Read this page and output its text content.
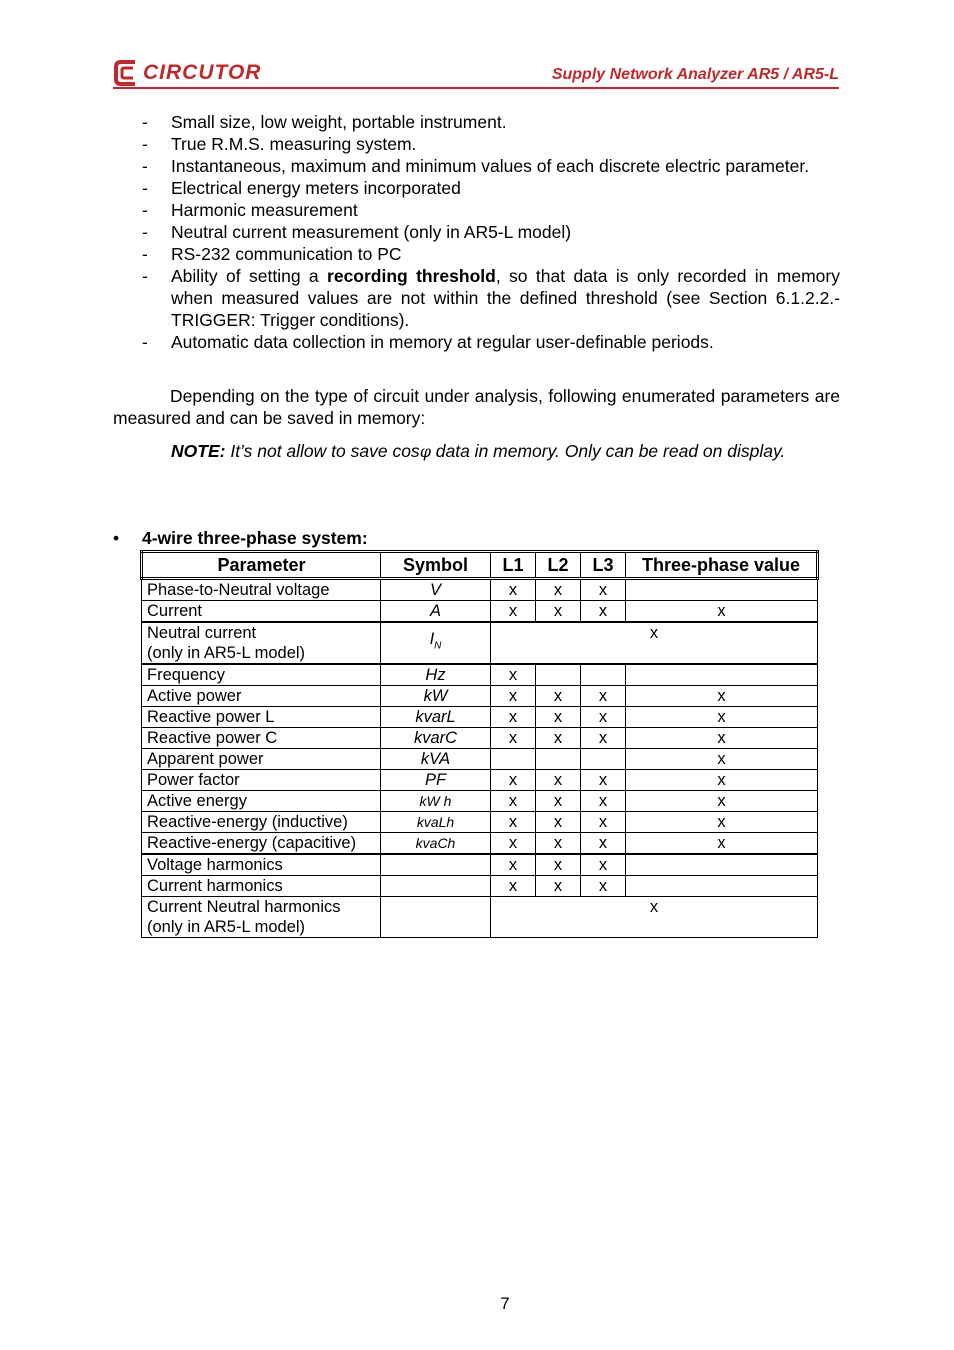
CIRCUTOR	Supply Network Analyzer AR5 / AR5-L
- Small size, low weight, portable instrument.
- True R.M.S. measuring system.
- Instantaneous, maximum and minimum values of each discrete electric parameter.
- Electrical energy meters incorporated
- Harmonic measurement
- Neutral current measurement (only in AR5-L model)
- RS-232 communication to PC
- Ability of setting a recording threshold, so that data is only recorded in memory when measured values are not within the defined threshold (see Section 6.1.2.2.-TRIGGER: Trigger conditions).
- Automatic data collection in memory at regular user-definable periods.
Depending on the type of circuit under analysis, following enumerated parameters are measured and can be saved in memory:
NOTE: It’s not allow to save cosφ data in memory. Only can be read on display.
• 4-wire three-phase system:
Parameter	Symbol	L1	L2	L3	Three-phase value
Phase-to-Neutral voltage	V	x	x	x	
Current	A	x	x	x	x
Neutral current
(only in AR5-L model)	$I_N$	x			
Frequency	Hz	x			
Active power	kW	x	x	x	x
Reactive power L	kvarL	x	x	x	x
Reactive power C	kvarC	x	x	x	x
Apparent power	kVA				x
Power factor	PF	x	x	x	x
Active energy	kW h	x	x	x	x
Reactive-energy (inductive)	kvaLh	x	x	x	x
Reactive-energy (capacitive)	kvaCh	x	x	x	x
Voltage harmonics		x	x	x	
Current harmonics		x	x	x	
Current Neutral harmonics
(only in AR5-L model)		x			
7
